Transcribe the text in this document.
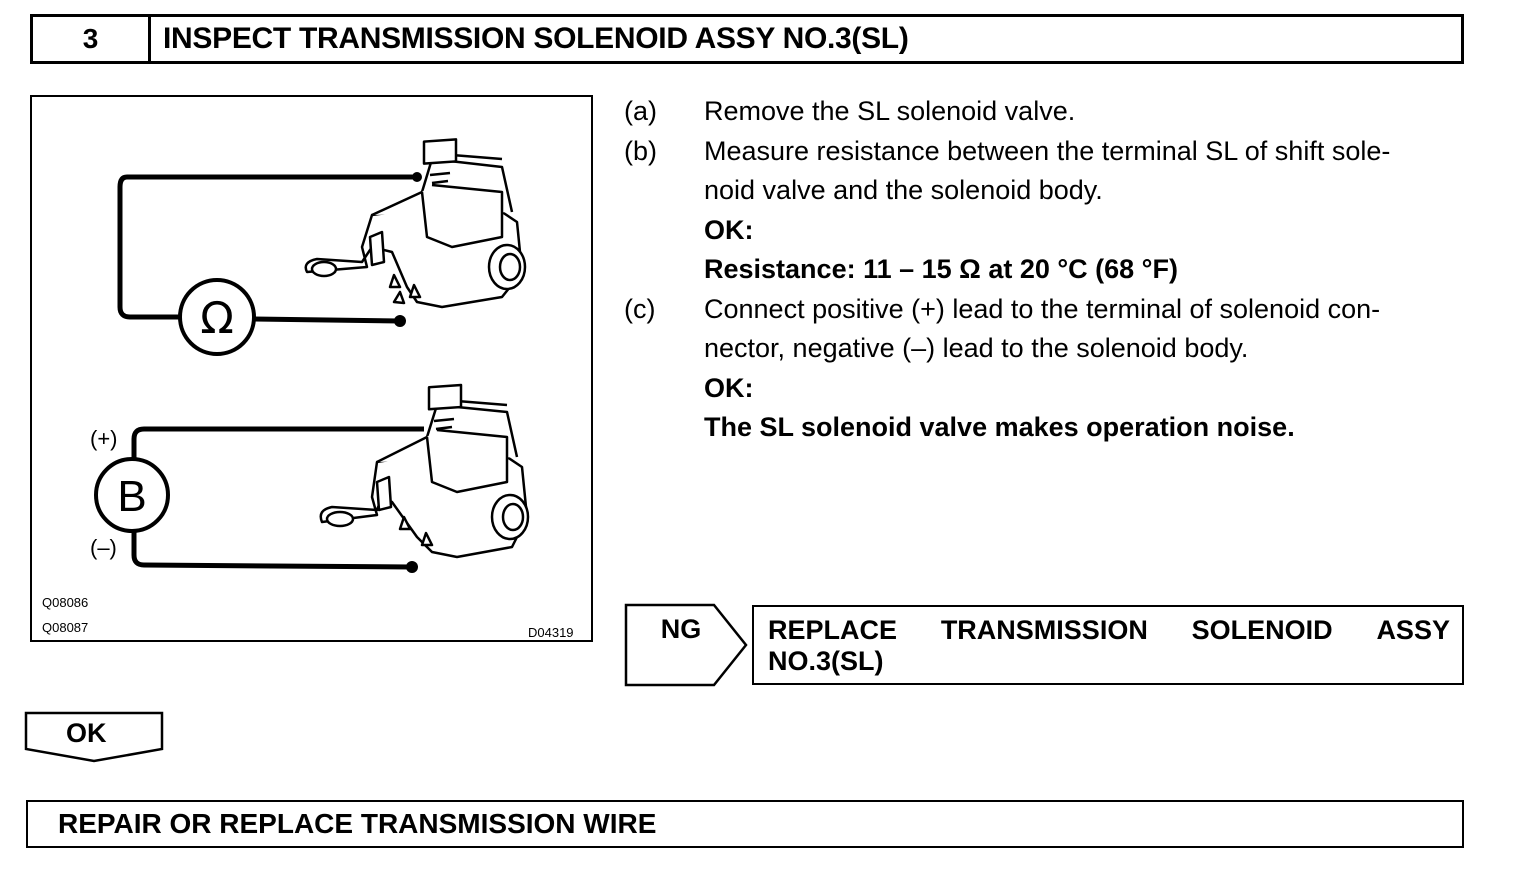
3	INSPECT TRANSMISSION SOLENOID ASSY NO.3(SL)
Ω
B
(+)
(–)
Q08086
Q08087	D04319
(a)	Remove the SL solenoid valve.
(b)	Measure resistance between the terminal SL of shift sole-
noid valve and the solenoid body.
OK:
Resistance: 11 – 15 Ω at 20 °C (68 °F)
(c)	Connect positive (+) lead to the terminal of solenoid con-
nector, negative (–) lead to the solenoid body.
OK:
The SL solenoid valve makes operation noise.
NG REPLACE TRANSMISSION SOLENOID ASSY
NO.3(SL)
OK
REPAIR OR REPLACE TRANSMISSION WIRE
